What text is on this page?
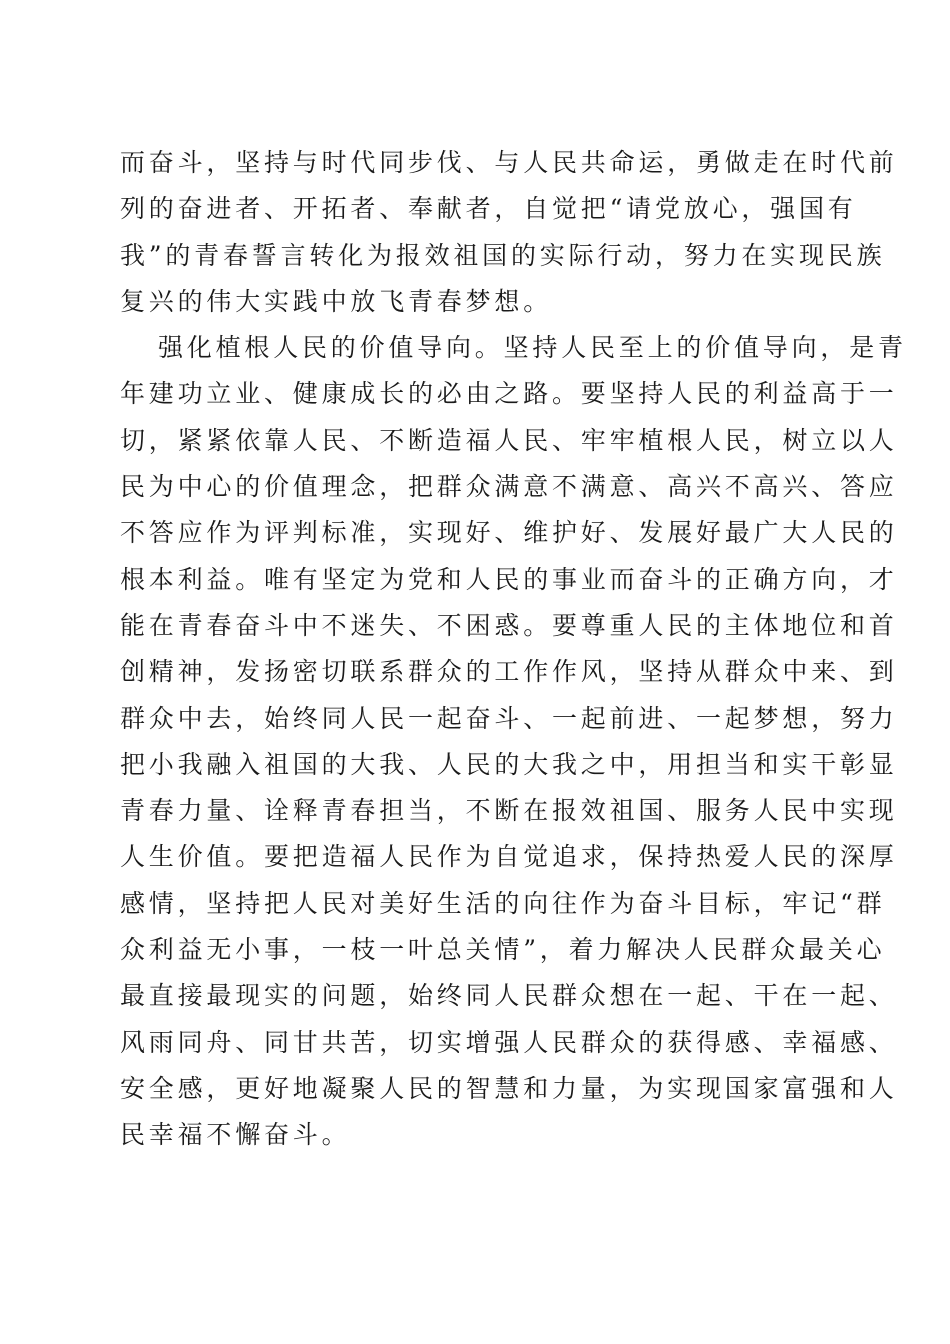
而奋斗，坚持与时代同步伐、与人民共命运，勇做走在时代前
列的奋进者、开拓者、奉献者，自觉把“请党放心，强国有
我”的青春誓言转化为报效祖国的实际行动，努力在实现民族
复兴的伟大实践中放飞青春梦想。
强化植根人民的价值导向。坚持人民至上的价值导向，是青
年建功立业、健康成长的必由之路。要坚持人民的利益高于一
切，紧紧依靠人民、不断造福人民、牢牢植根人民，树立以人
民为中心的价值理念，把群众满意不满意、高兴不高兴、答应
不答应作为评判标准，实现好、维护好、发展好最广大人民的
根本利益。唯有坚定为党和人民的事业而奋斗的正确方向，才
能在青春奋斗中不迷失、不困惑。要尊重人民的主体地位和首
创精神，发扬密切联系群众的工作作风，坚持从群众中来、到
群众中去，始终同人民一起奋斗、一起前进、一起梦想，努力
把小我融入祖国的大我、人民的大我之中，用担当和实干彰显
青春力量、诠释青春担当，不断在报效祖国、服务人民中实现
人生价值。要把造福人民作为自觉追求，保持热爱人民的深厚
感情，坚持把人民对美好生活的向往作为奋斗目标，牢记“群
众利益无小事，一枝一叶总关情”，着力解决人民群众最关心
最直接最现实的问题，始终同人民群众想在一起、干在一起、
风雨同舟、同甘共苦，切实增强人民群众的获得感、幸福感、
安全感，更好地凝聚人民的智慧和力量，为实现国家富强和人
民幸福不懈奋斗。
